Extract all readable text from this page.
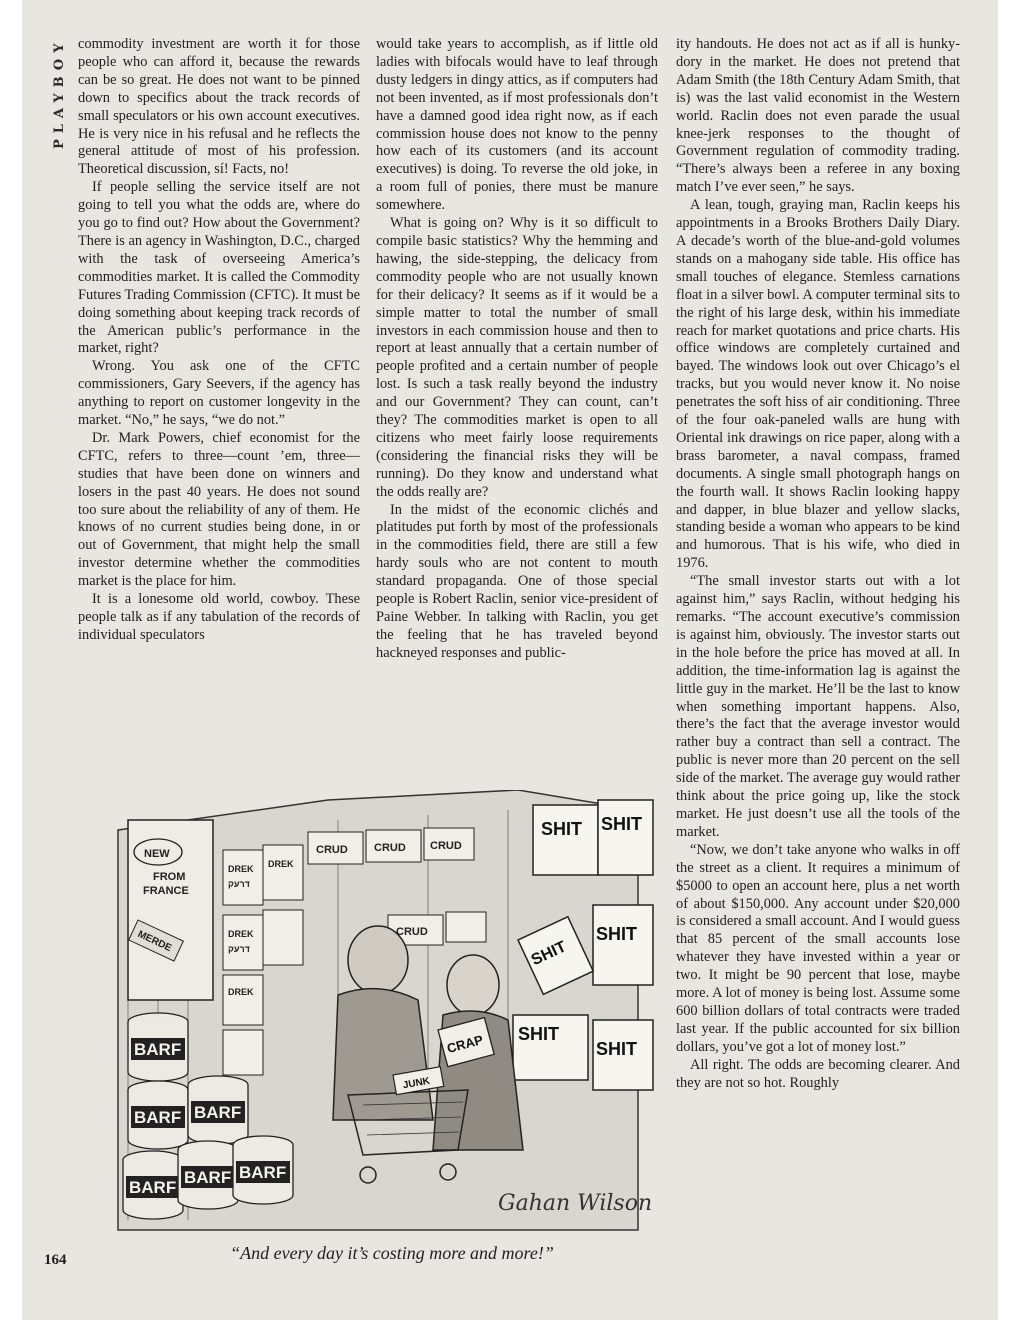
PLAYBOY commodity investment are worth it for those people who can afford it, because the rewards can be so great. He does not want to be pinned down to specifics about the track records of small speculators or his own account executives. He is very nice in his refusal and he reflects the general attitude of most of his profession. Theoretical discussion, sí! Facts, no!

If people selling the service itself are not going to tell you what the odds are, where do you go to find out? How about the Government? There is an agency in Washington, D.C., charged with the task of overseeing America’s commodities market. It is called the Commodity Futures Trading Commission (CFTC). It must be doing something about keeping track records of the American public’s performance in the market, right?

Wrong. You ask one of the CFTC commissioners, Gary Seevers, if the agency has anything to report on customer longevity in the market. “No,” he says, “we do not.”

Dr. Mark Powers, chief economist for the CFTC, refers to three—count ’em, three—studies that have been done on winners and losers in the past 40 years. He does not sound too sure about the reliability of any of them. He knows of no current studies being done, in or out of Government, that might help the small investor determine whether the commodities market is the place for him.

It is a lonesome old world, cowboy. These people talk as if any tabulation of the records of individual speculators

would take years to accomplish, as if little old ladies with bifocals would have to leaf through dusty ledgers in dingy attics, as if computers had not been invented, as if most professionals don’t have a damned good idea right now, as if each commission house does not know to the penny how each of its customers (and its account executives) is doing. To reverse the old joke, in a room full of ponies, there must be manure somewhere.

What is going on? Why is it so difficult to compile basic statistics? Why the hemming and hawing, the side-stepping, the delicacy from commodity people who are not usually known for their delicacy? It seems as if it would be a simple matter to total the number of small investors in each commission house and then to report at least annually that a certain number of people profited and a certain number of people lost. Is such a task really beyond the industry and our Government? They can count, can’t they? The commodities market is open to all citizens who meet fairly loose requirements (considering the financial risks they will be running). Do they know and understand what the odds really are?

In the midst of the economic clichés and platitudes put forth by most of the professionals in the commodities field, there are still a few hardy souls who are not content to mouth standard propaganda. One of those special people is Robert Raclin, senior vice-president of Paine Webber. In talking with Raclin, you get the feeling that he has traveled beyond hackneyed responses and public-

ity handouts. He does not act as if all is hunky-dory in the market. He does not pretend that Adam Smith (the 18th Century Adam Smith, that is) was the last valid economist in the Western world. Raclin does not even parade the usual knee-jerk responses to the thought of Government regulation of commodity trading. “There’s always been a referee in any boxing match I’ve ever seen,” he says.

A lean, tough, graying man, Raclin keeps his appointments in a Brooks Brothers Daily Diary. A decade’s worth of the blue-and-gold volumes stands on a mahogany side table. His office has small touches of elegance. Stemless carnations float in a silver bowl. A computer terminal sits to the right of his large desk, within his immediate reach for market quotations and price charts. His office windows are completely curtained and bayed. The windows look out over Chicago’s el tracks, but you would never know it. No noise penetrates the soft hiss of air conditioning. Three of the four oak-paneled walls are hung with Oriental ink drawings on rice paper, along with a brass barometer, a naval compass, framed documents. A single small photograph hangs on the fourth wall. It shows Raclin looking happy and dapper, in blue blazer and yellow slacks, standing beside a woman who appears to be kind and humorous. That is his wife, who died in 1976.

“The small investor starts out with a lot against him,” says Raclin, without hedging his remarks. “The account executive’s commission is against him, obviously. The investor starts out in the hole before the price has moved at all. In addition, the time-information lag is against the little guy in the market. He’ll be the last to know when something important happens. Also, there’s the fact that the average investor would rather buy a contract than sell a contract. The public is never more than 20 percent on the sell side of the market. The average guy would rather think about the price going up, like the stock market. He just doesn’t use all the tools of the market.

“Now, we don’t take anyone who walks in off the street as a client. It requires a minimum of $5000 to open an account here, plus a net worth of about $150,000. Any account under $20,000 is considered a small account. And I would guess that 85 percent of the small accounts lose whatever they have invested within a year or two. It might be 90 percent that lose, maybe more. A lot of money is being lost. Assume some 600 billion dollars of total contracts were traded last year. If the public accounted for six billion dollars, you’ve got a lot of money lost.”

All right. The odds are becoming clearer. And they are not so hot. Roughly

NEW
FROM
FRANCE
MERDE
DREK
דרעק
DREK
DREK
דרעק
DREK
CRUD CRUD CRUD
CRUD
SHIT SHIT
SHIT
SHIT
SHIT
SHIT
CRAP
JUNK
BARF
BARF BARF
BARF
BARF BARF
Gahan Wilson
“And every day it’s costing more and more!”
164
